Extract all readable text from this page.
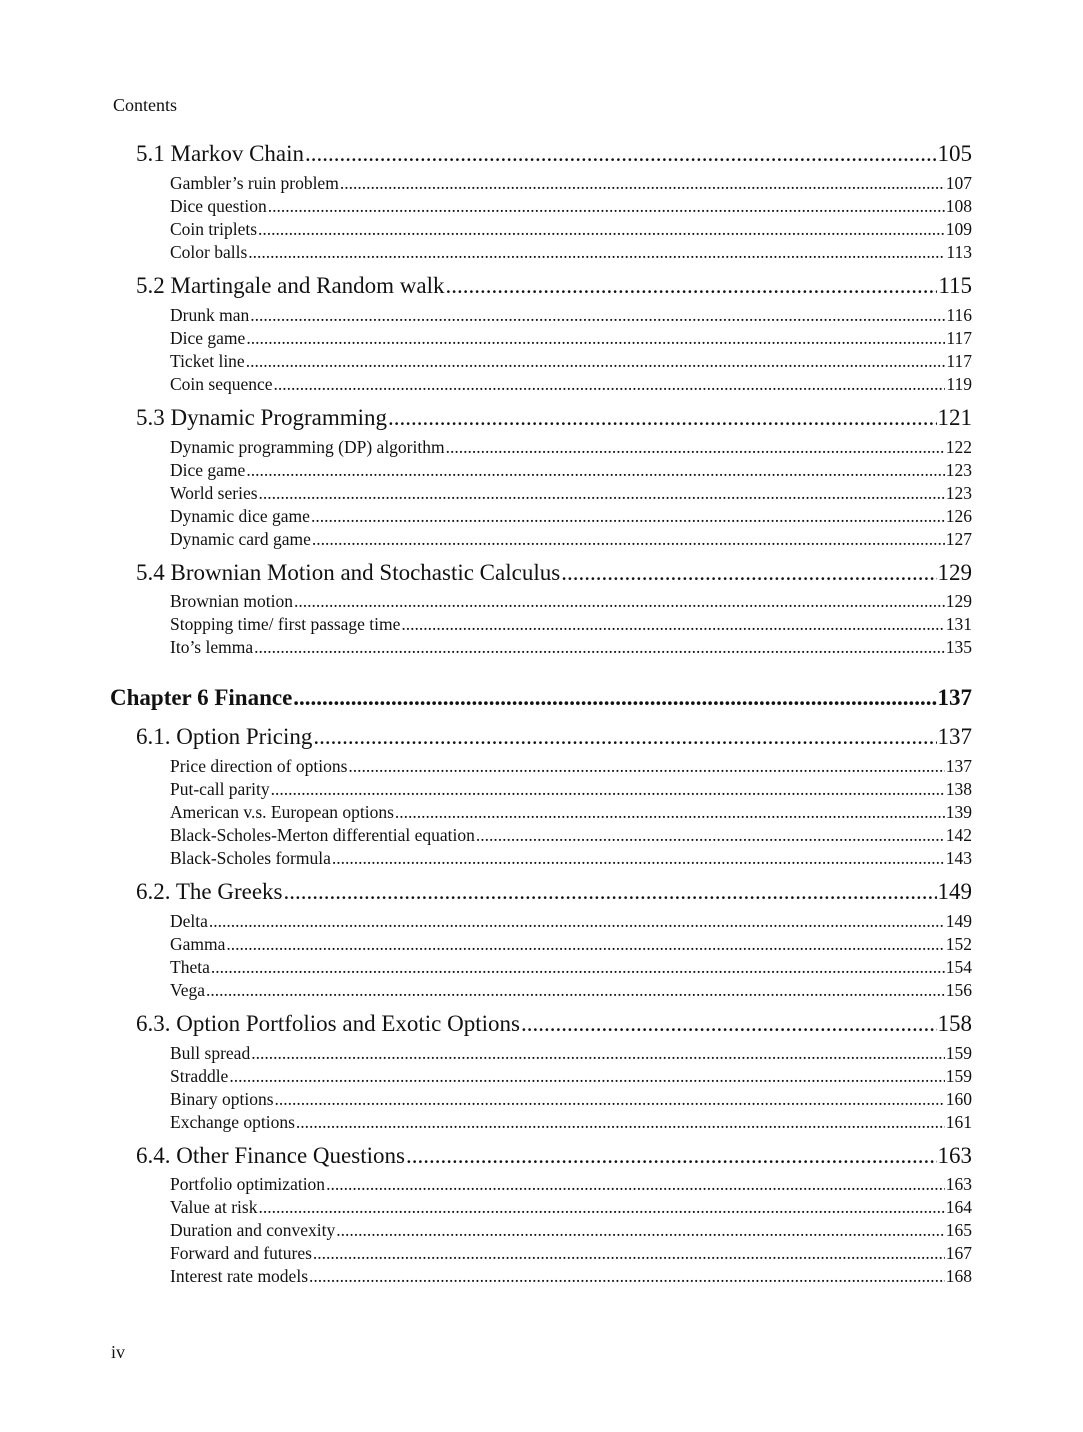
Contents
5.1 Markov Chain .....	105
Gambler’s ruin problem .....	107
Dice question .....	108
Coin triplets .....	109
Color balls .....	113
5.2 Martingale and Random walk .....	115
Drunk man .....	116
Dice game .....	117
Ticket line .....	117
Coin sequence .....	119
5.3 Dynamic Programming .....	121
Dynamic programming (DP) algorithm .....	122
Dice game .....	123
World series .....	123
Dynamic dice game .....	126
Dynamic card game .....	127
5.4 Brownian Motion and Stochastic Calculus .....	129
Brownian motion .....	129
Stopping time/ first passage time .....	131
Ito’s lemma .....	135
Chapter 6 Finance .....	137
6.1. Option Pricing .....	137
Price direction of options .....	137
Put-call parity .....	138
American v.s. European options .....	139
Black-Scholes-Merton differential equation .....	142
Black-Scholes formula .....	143
6.2. The Greeks .....	149
Delta .....	149
Gamma .....	152
Theta .....	154
Vega .....	156
6.3. Option Portfolios and Exotic Options .....	158
Bull spread .....	159
Straddle .....	159
Binary options .....	160
Exchange options .....	161
6.4. Other Finance Questions .....	163
Portfolio optimization .....	163
Value at risk .....	164
Duration and convexity .....	165
Forward and futures .....	167
Interest rate models .....	168
iv
